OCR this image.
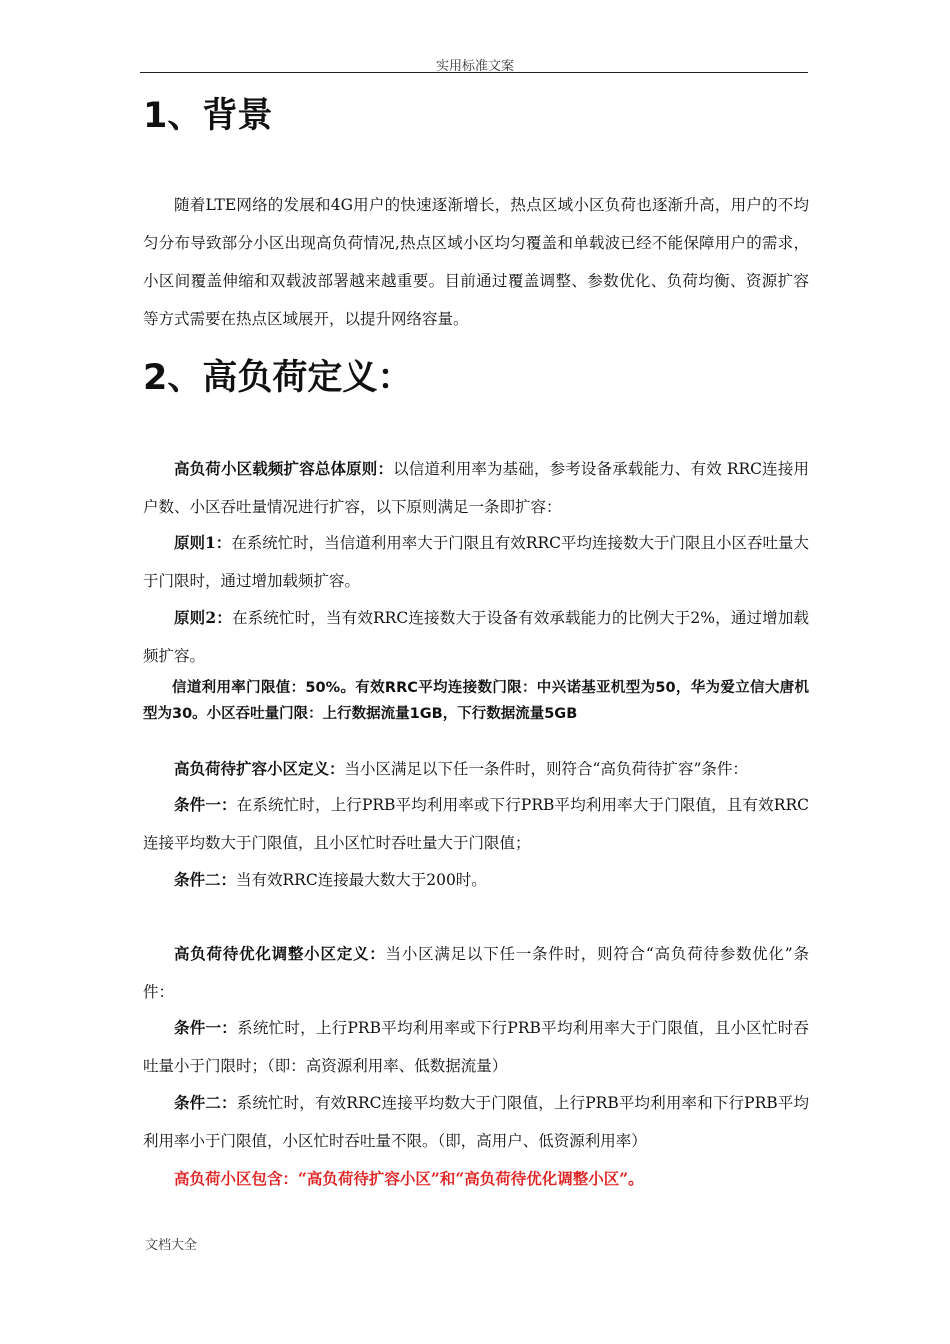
实用标准文案
1、背景

随着LTE网络的发展和4G用户的快速逐渐增长，热点区域小区负荷也逐渐升高，用户的不均匀分布导致部分小区出现高负荷情况,热点区域小区均匀覆盖和单载波已经不能保障用户的需求，小区间覆盖伸缩和双载波部署越来越重要。目前通过覆盖调整、参数优化、负荷均衡、资源扩容等方式需要在热点区域展开，以提升网络容量。

2、高负荷定义：

高负荷小区载频扩容总体原则：以信道利用率为基础，参考设备承载能力、有效 RRC连接用户数、小区吞吐量情况进行扩容，以下原则满足一条即扩容：

原则1：在系统忙时，当信道利用率大于门限且有效RRC平均连接数大于门限且小区吞吐量大于门限时，通过增加载频扩容。

原则2：在系统忙时，当有效RRC连接数大于设备有效承载能力的比例大于2%，通过增加载频扩容。

信道利用率门限值：50%。有效RRC平均连接数门限：中兴诺基亚机型为50，华为爱立信大唐机型为30。小区吞吐量门限：上行数据流量1GB，下行数据流量5GB

高负荷待扩容小区定义：当小区满足以下任一条件时，则符合“高负荷待扩容”条件：

条件一：在系统忙时，上行PRB平均利用率或下行PRB平均利用率大于门限值，且有效RRC连接平均数大于门限值，且小区忙时吞吐量大于门限值；

条件二：当有效RRC连接最大数大于200时。

高负荷待优化调整小区定义：当小区满足以下任一条件时，则符合“高负荷待参数优化”条件：

条件一：系统忙时，上行PRB平均利用率或下行PRB平均利用率大于门限值，且小区忙时吞吐量小于门限时；（即：高资源利用率、低数据流量）

条件二：系统忙时，有效RRC连接平均数大于门限值，上行PRB平均利用率和下行PRB平均利用率小于门限值，小区忙时吞吐量不限。（即，高用户、低资源利用率）

高负荷小区包含：“高负荷待扩容小区”和“高负荷待优化调整小区”。

文档大全
